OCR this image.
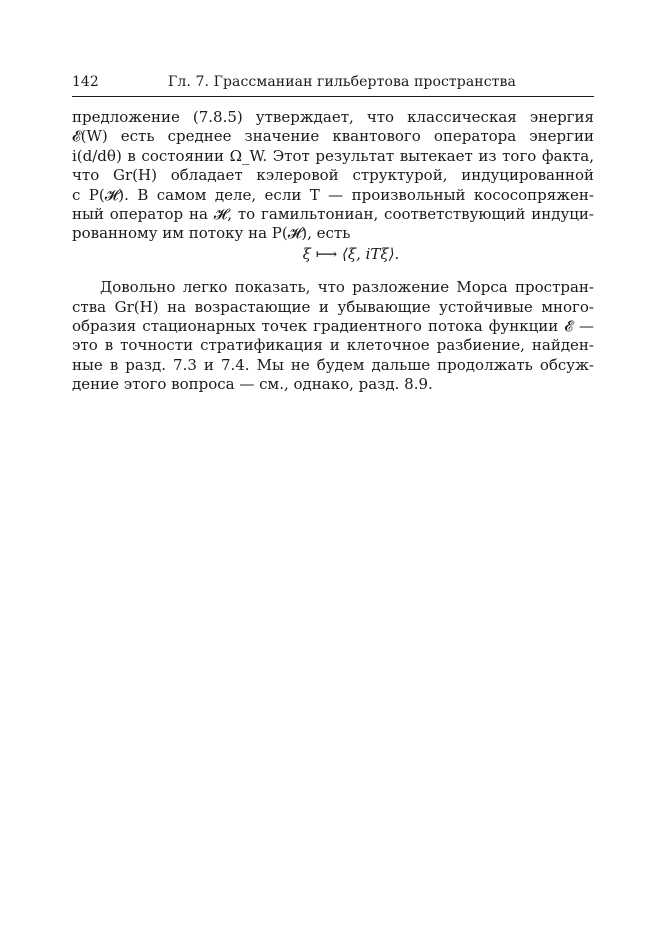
142	Гл. 7. Грассманиан гильбертова пространства
предложение (7.8.5) утверждает, что классическая энергия
𝓔(W) есть среднее значение квантового оператора энергии
i(d/dθ) в состоянии Ω_W. Этот результат вытекает из того факта,
что Gr(H) обладает кэлеровой структурой, индуцированной
с P(𝓗). В самом деле, если T — произвольный кососопряжен-
ный оператор на 𝓗, то гамильтониан, соответствующий индуци-
рованному им потоку на P(𝓗), есть
ξ ⟼ ⟨ξ, iTξ⟩.
Довольно легко показать, что разложение Морса простран-
ства Gr(H) на возрастающие и убывающие устойчивые много-
образия стационарных точек градиентного потока функции 𝓔 —
это в точности стратификация и клеточное разбиение, найден-
ные в разд. 7.3 и 7.4. Мы не будем дальше продолжать обсуж-
дение этого вопроса — см., однако, разд. 8.9.
